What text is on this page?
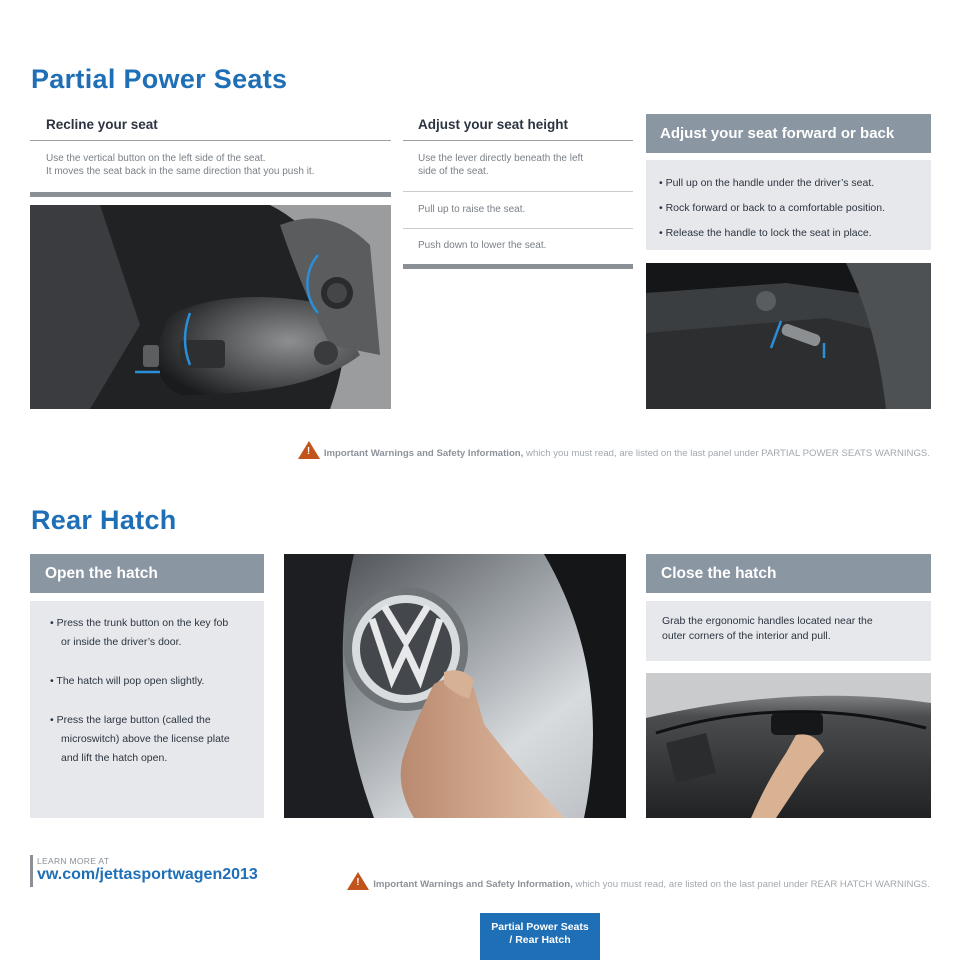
Partial Power Seats
Recline your seat
Use the vertical button on the left side of the seat.
It moves the seat back in the same direction that you push it.
Adjust your seat height
Use the lever directly beneath the left
side of the seat.
Pull up to raise the seat.
Push down to lower the seat.
Adjust your seat forward or back
• Pull up on the handle under the driver’s seat.
• Rock forward or back to a comfortable position.
• Release the handle to lock the seat in place.
! Important Warnings and Safety Information, which you must read, are listed on the last panel under PARTIAL POWER SEATS WARNINGS.
Rear Hatch
Open the hatch
• Press the trunk button on the key fob
or inside the driver’s door.
• The hatch will pop open slightly.
• Press the large button (called the
microswitch) above the license plate
and lift the hatch open.
Close the hatch
Grab the ergonomic handles located near the
outer corners of the interior and pull.
LEARN MORE AT
vw.com/jettasportwagen2013	! Important Warnings and Safety Information, which you must read, are listed on the last panel under REAR HATCH WARNINGS.
Partial Power Seats
/ Rear Hatch
